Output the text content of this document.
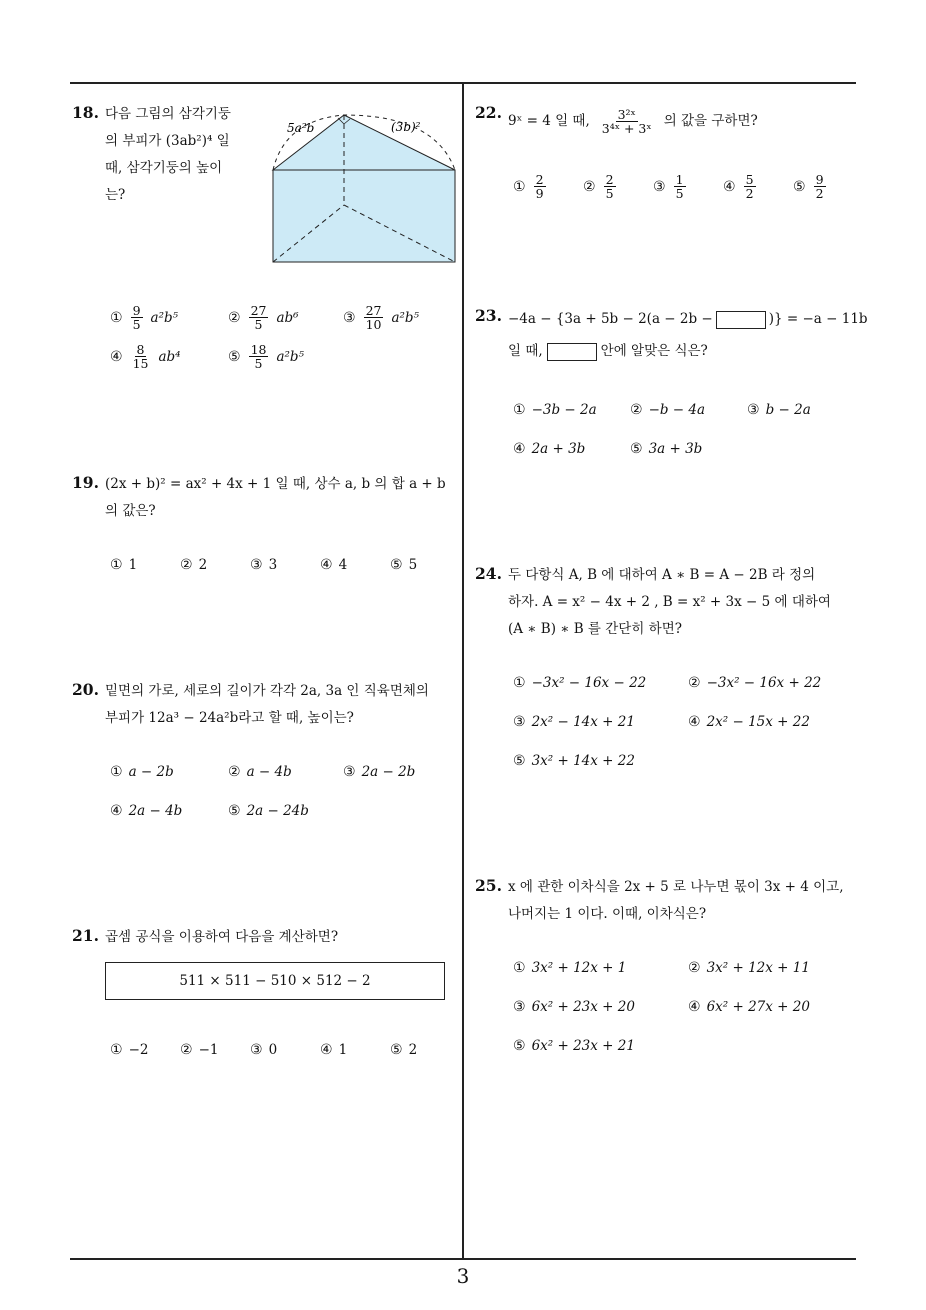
18. 다음 그림의 삼각기둥
의 부피가 (3ab²)⁴ 일
때, 삼각기둥의 높이
는?
5a²b	(3b)²
① $\frac{9}{5} a^2b^5$	② $\frac{27}{5} ab^6$	③ $\frac{27}{10} a^2b^5$
④ $\frac{8}{15} ab^4$	⑤ $\frac{18}{5} a^2b^5$
19. (2x + b)² = ax² + 4x + 1 일 때, 상수 a, b 의 합 a + b
의 값은?
① 1	② 2	③ 3	④ 4	⑤ 5
20. 밑면의 가로, 세로의 길이가 각각 2a, 3a 인 직육면체의
부피가 12a³ − 24a²b라고 할 때, 높이는?
① a − 2b	② a − 4b	③ 2a − 2b
④ 2a − 4b	⑤ 2a − 24b
21. 곱셈 공식을 이용하여 다음을 계산하면?
511 × 511 − 510 × 512 − 2
① −2 ② −1 ③ 0	④ 1	⑤ 2
22. 9ˣ = 4 일 때, $\frac{\text{3²ˣ}}{\text{3⁴ˣ + 3ˣ}}$ 의 값을 구하면?
① $\frac{2}{9}$	② $\frac{2}{5}$	③ $\frac{1}{5}$	④ $\frac{5}{2}$	⑤ $\frac{9}{2}$
23. −4a − {3a + 5b − 2(a − 2b −	)} = −a − 11b
일 때,	안에 알맞은 식은?
① −3b − 2a ② −b − 4a	③ b − 2a
④ 2a + 3b	⑤ 3a + 3b
24. 두 다항식 A, B 에 대하여 A ∗ B = A − 2B 라 정의
하자. A = x² − 4x + 2 , B = x² + 3x − 5 에 대하여
(A ∗ B) ∗ B 를 간단히 하면?
① −3x² − 16x − 22	② −3x² − 16x + 22
③ 2x² − 14x + 21	④ 2x² − 15x + 22
⑤ 3x² + 14x + 22
25. x 에 관한 이차식을 2x + 5 로 나누면 몫이 3x + 4 이고,
나머지는 1 이다. 이때, 이차식은?
① 3x² + 12x + 1	② 3x² + 12x + 11
③ 6x² + 23x + 20	④ 6x² + 27x + 20
⑤ 6x² + 23x + 21
3
